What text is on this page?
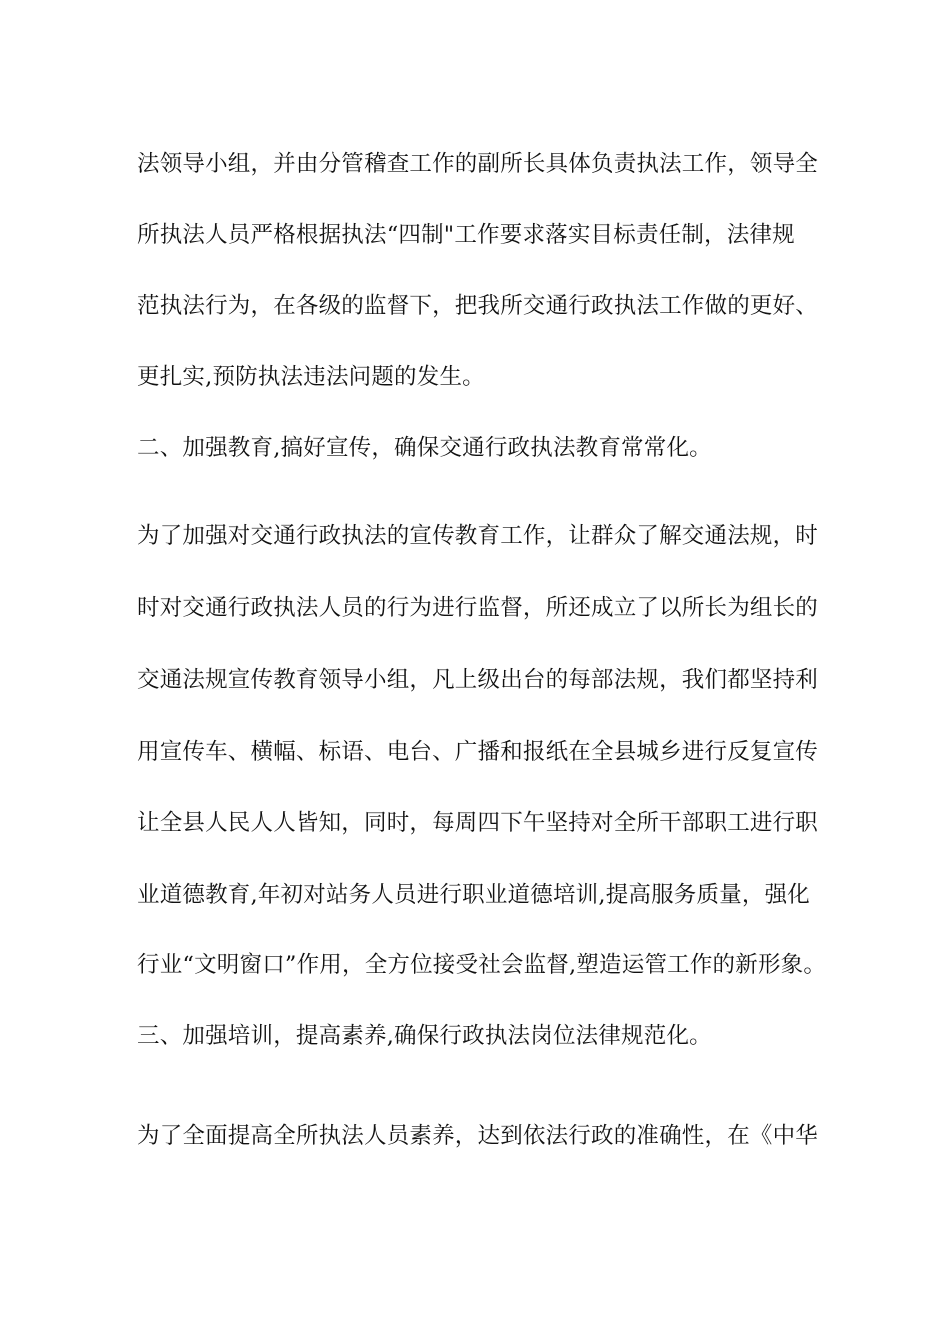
法领导小组，并由分管稽查工作的副所长具体负责执法工作，领导全
所执法人员严格根据执法“四制"工作要求落实目标责任制，法律规
范执法行为，在各级的监督下，把我所交通行政执法工作做的更好、
更扎实,预防执法违法问题的发生。
二、加强教育,搞好宣传，确保交通行政执法教育常常化。
为了加强对交通行政执法的宣传教育工作，让群众了解交通法规，时
时对交通行政执法人员的行为进行监督，所还成立了以所长为组长的
交通法规宣传教育领导小组，凡上级出台的每部法规，我们都坚持利
用宣传车、横幅、标语、电台、广播和报纸在全县城乡进行反复宣传
让全县人民人人皆知，同时，每周四下午坚持对全所干部职工进行职
业道德教育,年初对站务人员进行职业道德培训,提高服务质量，强化
行业“文明窗口”作用，全方位接受社会监督,塑造运管工作的新形象。
三、加强培训，提高素养,确保行政执法岗位法律规范化。
为了全面提高全所执法人员素养，达到依法行政的准确性，在《中华
